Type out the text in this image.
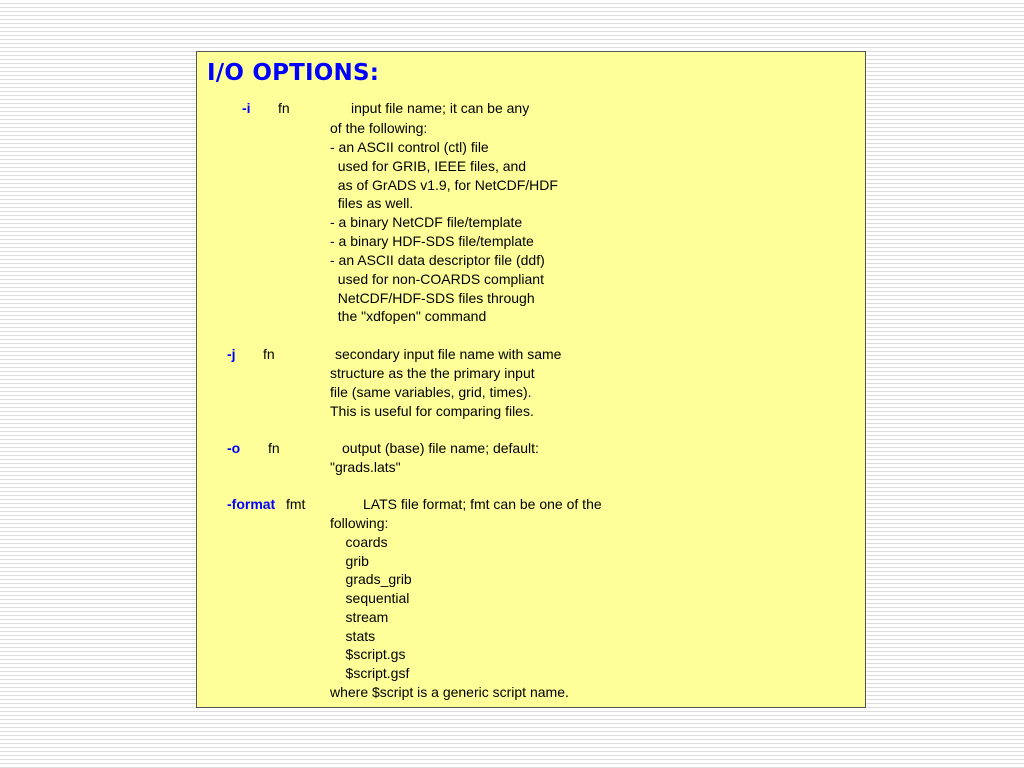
I/O OPTIONS:
-i fn	input file name; it can be any
of the following:
- an ASCII control (ctl) file
used for GRIB, IEEE files, and
as of GrADS v1.9, for NetCDF/HDF
files as well.
- a binary NetCDF file/template
- a binary HDF-SDS file/template
- an ASCII data descriptor file (ddf)
used for non-COARDS compliant
NetCDF/HDF-SDS files through
the "xdfopen" command
-j fn	secondary input file name with same
structure as the the primary input
file (same variables, grid, times).
This is useful for comparing files.
-o fn	output (base) file name; default:
"grads.lats"
-format fmt	LATS file format; fmt can be one of the
following:
coards
grib
grads_grib
sequential
stream
stats
$script.gs
$script.gsf
where $script is a generic script name.
